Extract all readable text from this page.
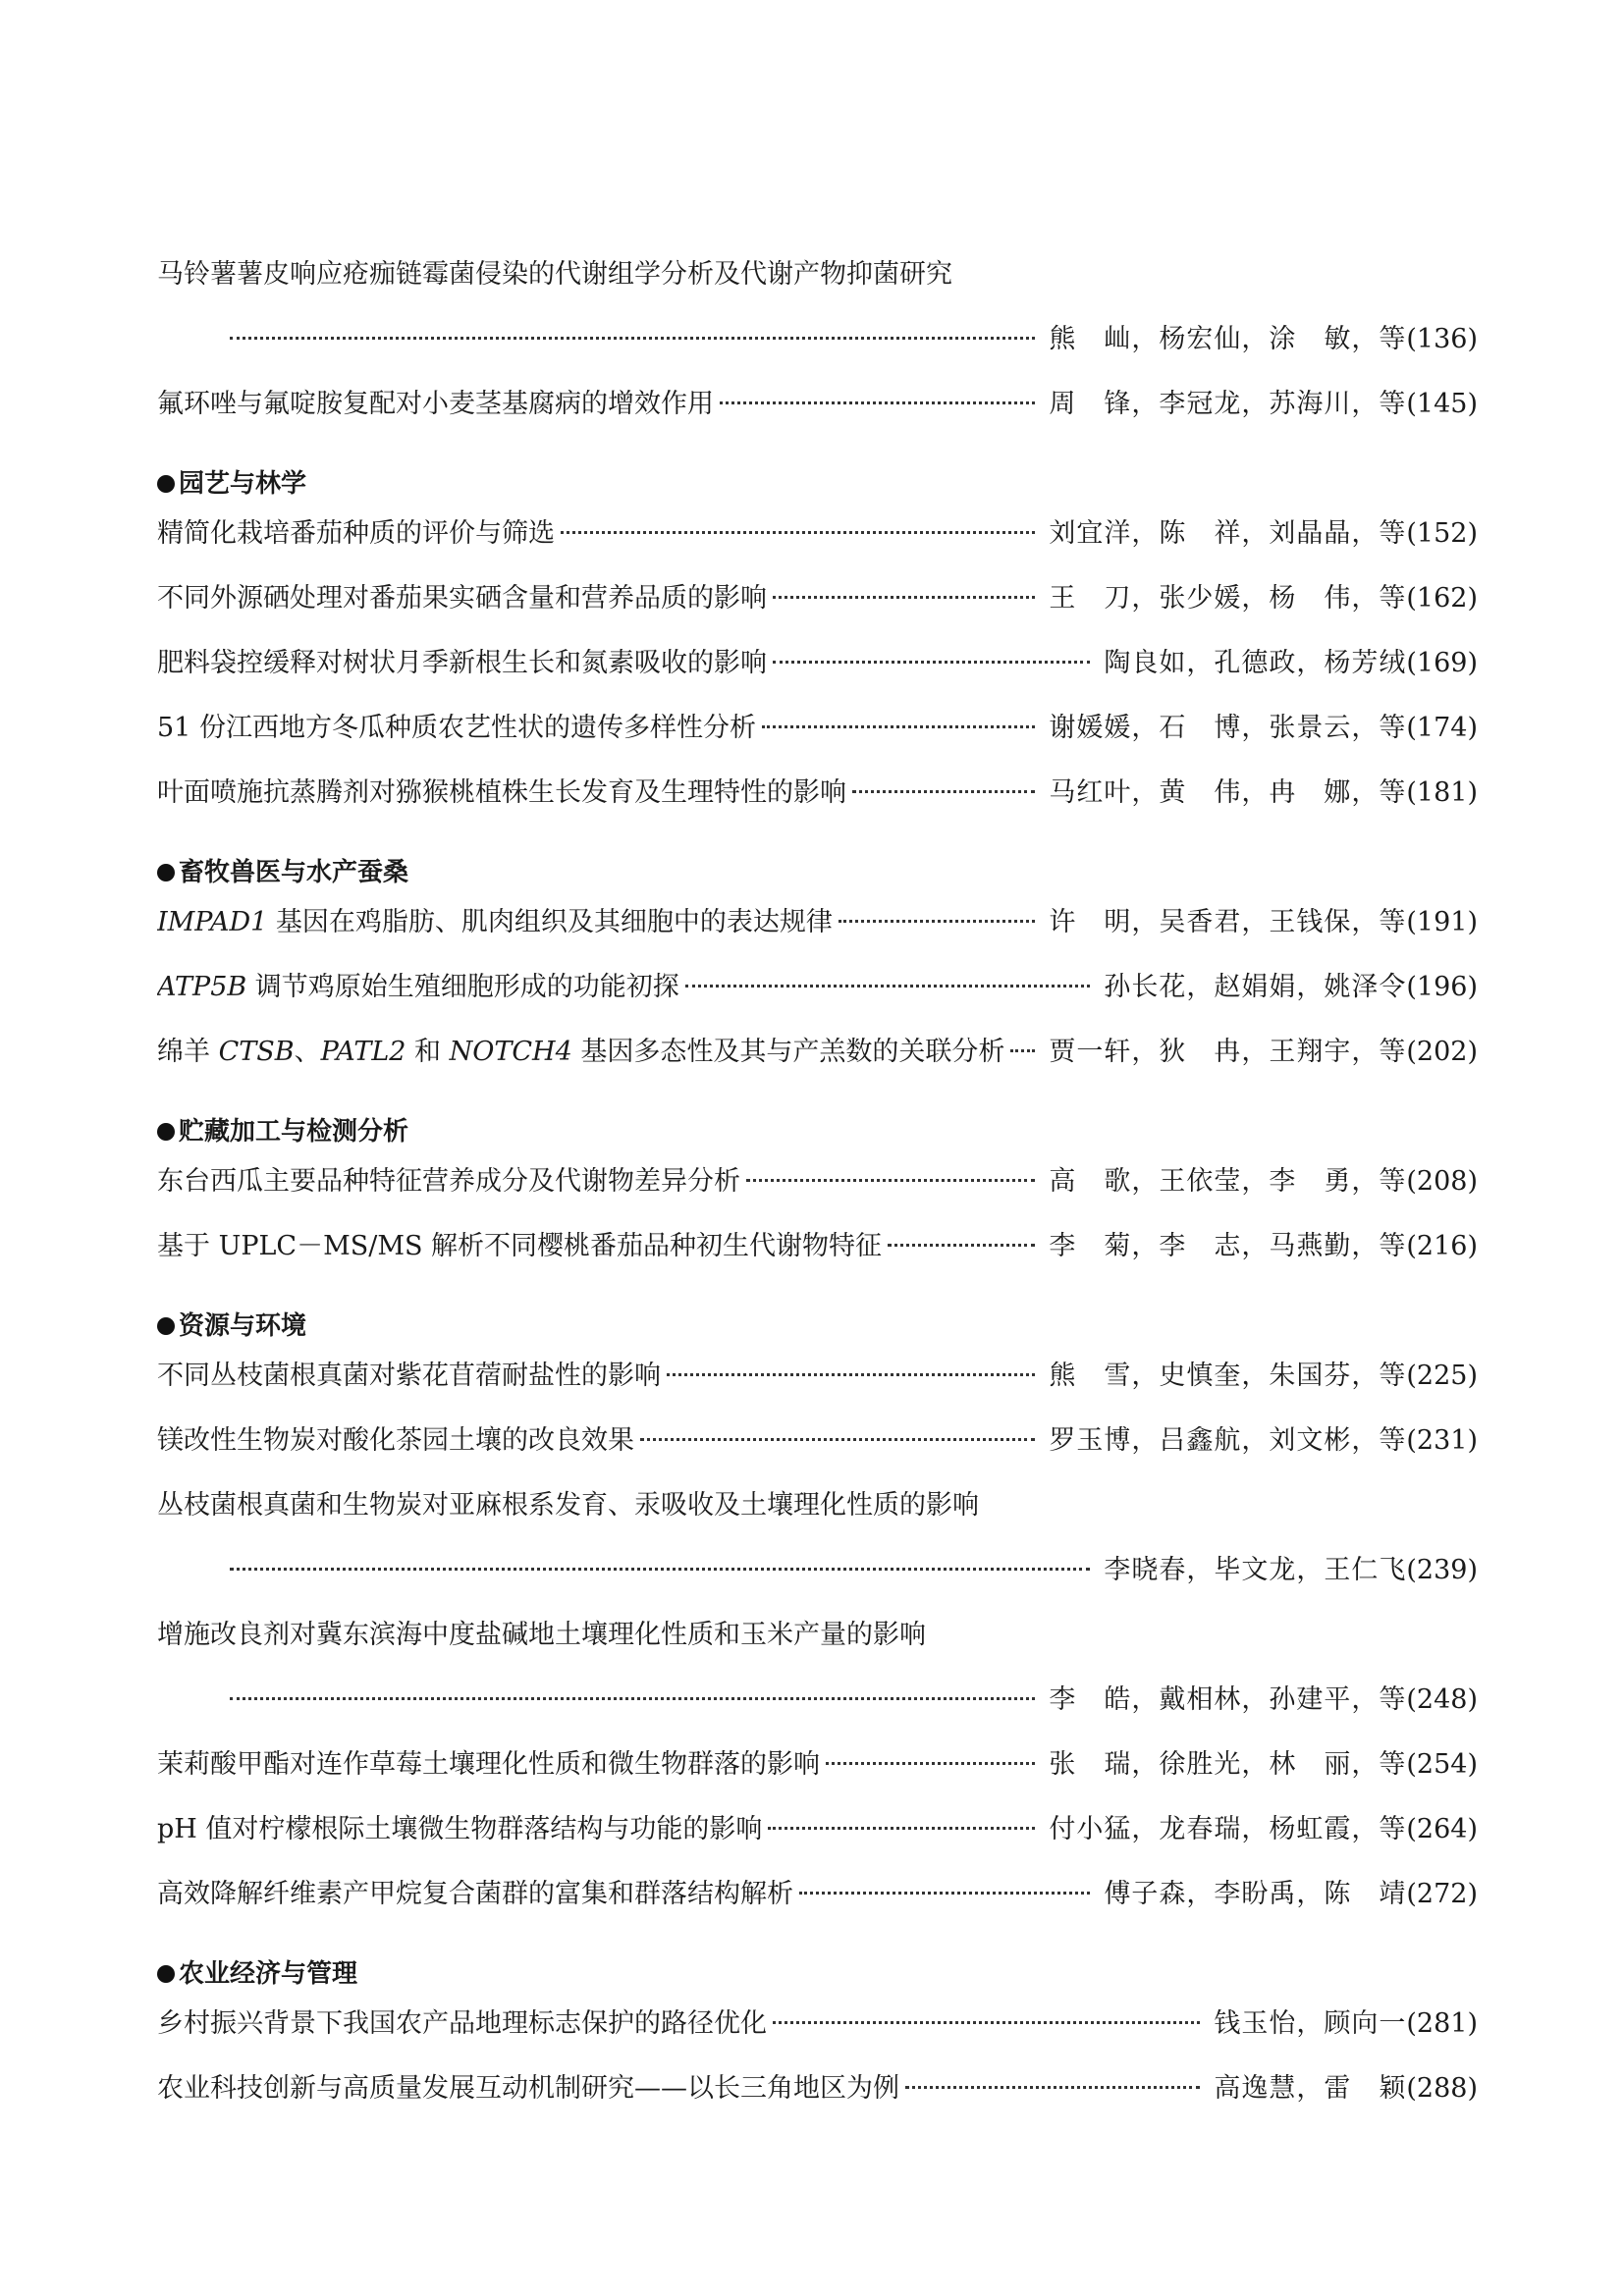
马铃薯薯皮响应疮痂链霉菌侵染的代谢组学分析及代谢产物抑菌研究
熊　屾，杨宏仙，涂　敏，等 (136)
氟环唑与氟啶胺复配对小麦茎基腐病的增效作用	周　锋，李冠龙，苏海川，等 (145)
园艺与林学
精简化栽培番茄种质的评价与筛选	刘宜洋，陈　祥，刘晶晶，等 (152)
不同外源硒处理对番茄果实硒含量和营养品质的影响	王　刀，张少媛，杨　伟，等 (162)
肥料袋控缓释对树状月季新根生长和氮素吸收的影响	陶良如，孔德政，杨芳绒 (169)
51 份江西地方冬瓜种质农艺性状的遗传多样性分析	谢媛媛，石　博，张景云，等 (174)
叶面喷施抗蒸腾剂对猕猴桃植株生长发育及生理特性的影响	马红叶，黄　伟，冉　娜，等 (181)
畜牧兽医与水产蚕桑
IMPAD1 基因在鸡脂肪、肌肉组织及其细胞中的表达规律	许　明，吴香君，王钱保，等 (191)
ATP5B 调节鸡原始生殖细胞形成的功能初探	孙长花，赵娟娟，姚泽令 (196)
绵羊 CTSB、PATL2 和 NOTCH4 基因多态性及其与产羔数的关联分析 贾一轩，狄　冉，王翔宇，等 (202)
贮藏加工与检测分析
东台西瓜主要品种特征营养成分及代谢物差异分析	高　歌，王依莹，李　勇，等 (208)
基于 UPLC－MS/MS 解析不同樱桃番茄品种初生代谢物特征	李　菊，李　志，马燕勤，等 (216)
资源与环境
不同丛枝菌根真菌对紫花苜蓿耐盐性的影响	熊　雪，史慎奎，朱国芬，等 (225)
镁改性生物炭对酸化茶园土壤的改良效果	罗玉博，吕鑫航，刘文彬，等 (231)
丛枝菌根真菌和生物炭对亚麻根系发育、汞吸收及土壤理化性质的影响
李晓春，毕文龙，王仁飞 (239)
增施改良剂对冀东滨海中度盐碱地土壤理化性质和玉米产量的影响
李　皓，戴相林，孙建平，等 (248)
茉莉酸甲酯对连作草莓土壤理化性质和微生物群落的影响	张　瑞，徐胜光，林　丽，等 (254)
pH 值对柠檬根际土壤微生物群落结构与功能的影响	付小猛，龙春瑞，杨虹霞，等 (264)
高效降解纤维素产甲烷复合菌群的富集和群落结构解析	傅子森，李盼禹，陈　靖 (272)
农业经济与管理
乡村振兴背景下我国农产品地理标志保护的路径优化	钱玉怡，顾向一 (281)
农业科技创新与高质量发展互动机制研究——以长三角地区为例	高逸慧，雷　颖 (288)
